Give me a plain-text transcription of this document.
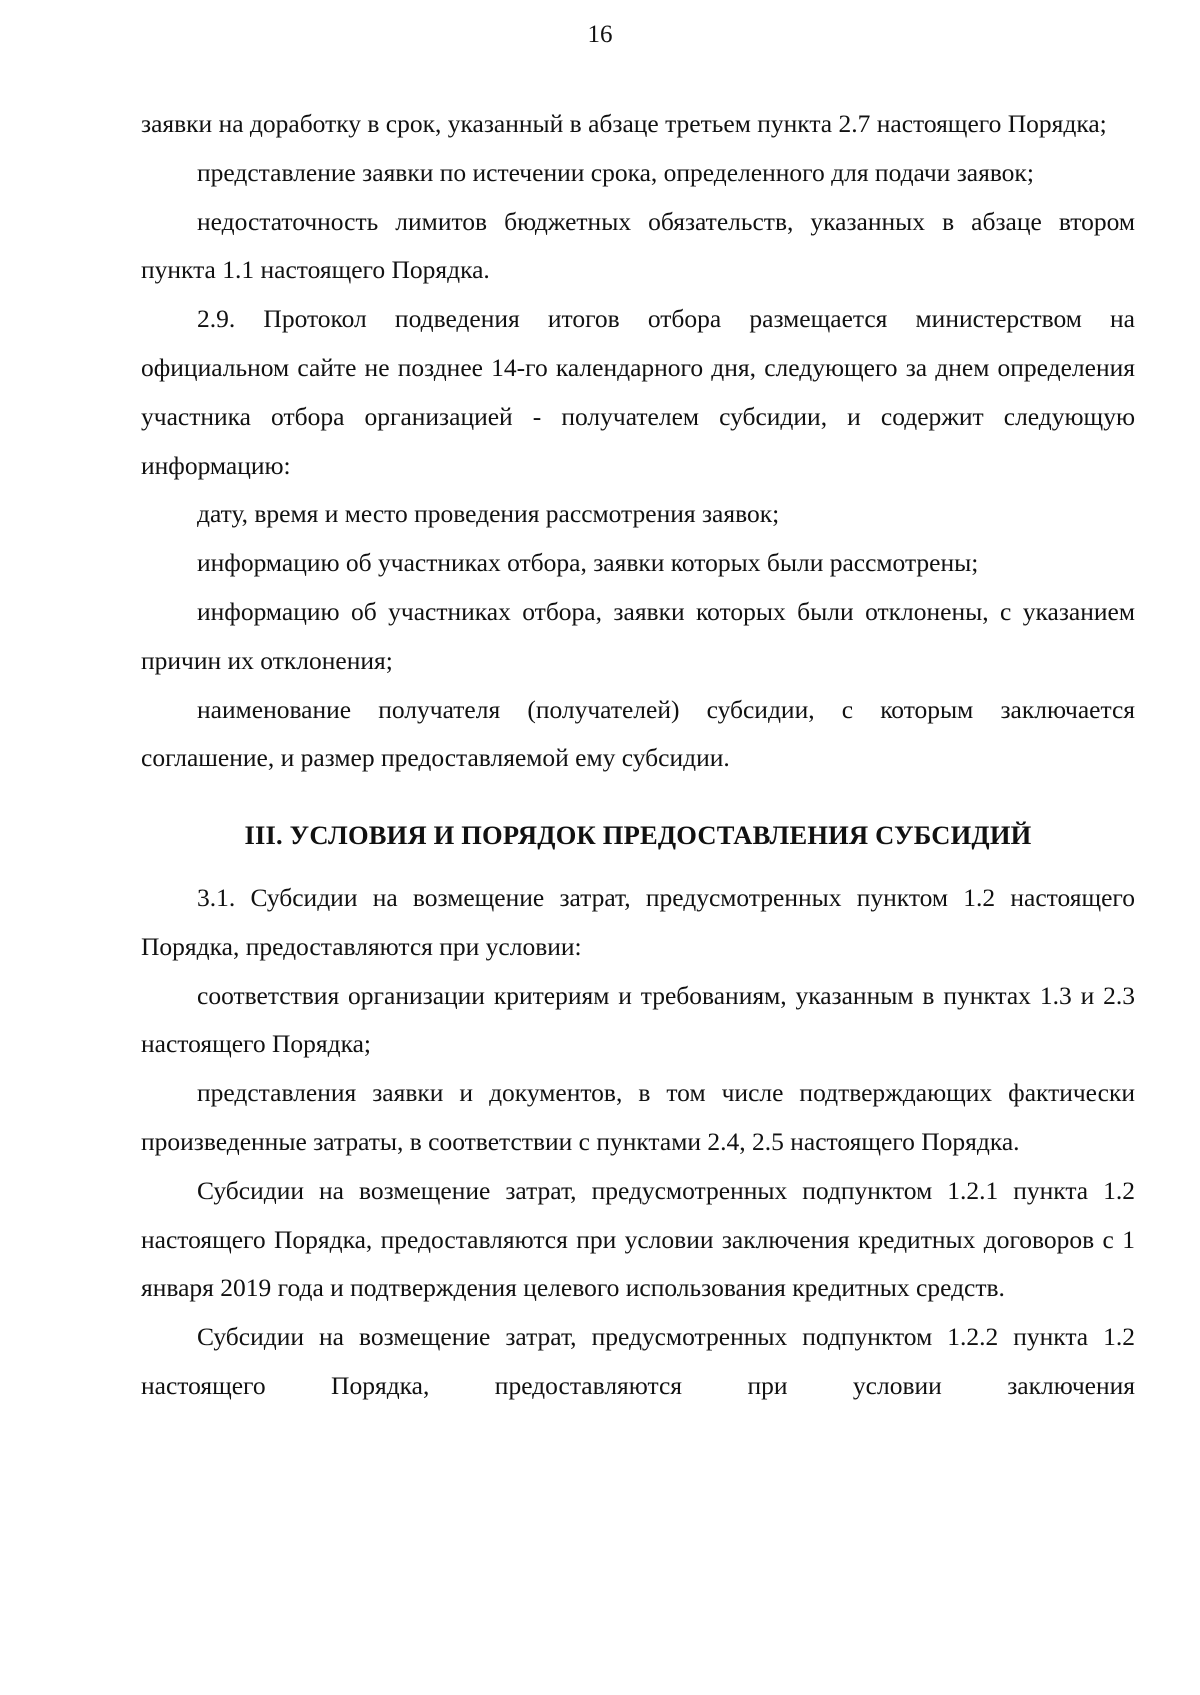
16

заявки на доработку в срок, указанный в абзаце третьем пункта 2.7 настоящего Порядка;

представление заявки по истечении срока, определенного для подачи заявок;

недостаточность лимитов бюджетных обязательств, указанных в абзаце втором пункта 1.1 настоящего Порядка.

2.9. Протокол подведения итогов отбора размещается министерством на официальном сайте не позднее 14-го календарного дня, следующего за днем определения участника отбора организацией - получателем субсидии, и содержит следующую информацию:

дату, время и место проведения рассмотрения заявок;

информацию об участниках отбора, заявки которых были рассмотрены;

информацию об участниках отбора, заявки которых были отклонены, с указанием причин их отклонения;

наименование получателя (получателей) субсидии, с которым заключается соглашение, и размер предоставляемой ему субсидии.

III. УСЛОВИЯ И ПОРЯДОК ПРЕДОСТАВЛЕНИЯ СУБСИДИЙ

3.1. Субсидии на возмещение затрат, предусмотренных пунктом 1.2 настоящего Порядка, предоставляются при условии:

соответствия организации критериям и требованиям, указанным в пунктах 1.3 и 2.3 настоящего Порядка;

представления заявки и документов, в том числе подтверждающих фактически произведенные затраты, в соответствии с пунктами 2.4, 2.5 настоящего Порядка.

Субсидии на возмещение затрат, предусмотренных подпунктом 1.2.1 пункта 1.2 настоящего Порядка, предоставляются при условии заключения кредитных договоров с 1 января 2019 года и подтверждения целевого использования кредитных средств.

Субсидии на возмещение затрат, предусмотренных подпунктом 1.2.2 пункта 1.2 настоящего Порядка, предоставляются при условии заключения
